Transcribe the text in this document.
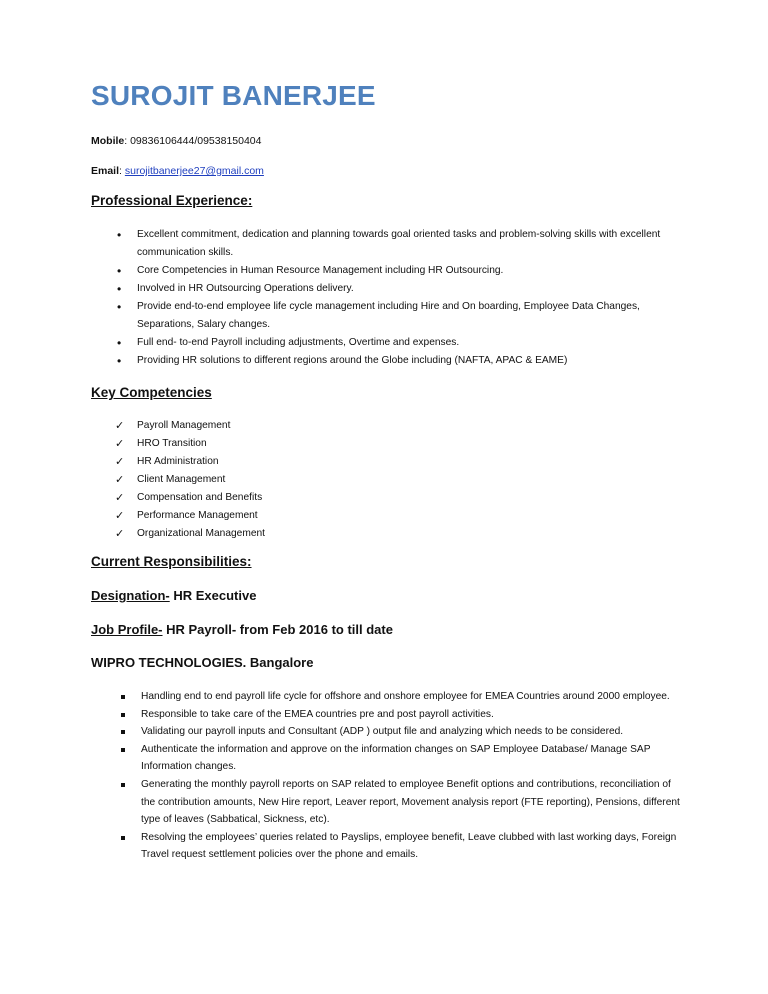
SUROJIT BANERJEE
Mobile: 09836106444/09538150404
Email: surojitbanerjee27@gmail.com
Professional Experience:
• Excellent commitment, dedication and planning towards goal oriented tasks and problem-solving skills with excellent communication skills.
• Core Competencies in Human Resource Management including HR Outsourcing.
• Involved in HR Outsourcing Operations delivery.
• Provide end-to-end employee life cycle management including Hire and On boarding, Employee Data Changes, Separations, Salary changes.
• Full end- to-end Payroll including adjustments, Overtime and expenses.
• Providing HR solutions to different regions around the Globe including (NAFTA, APAC & EAME)
Key Competencies
✓ Payroll Management
✓ HRO Transition
✓ HR Administration
✓ Client Management
✓ Compensation and Benefits
✓ Performance Management
✓ Organizational Management
Current Responsibilities:
Designation- HR Executive
Job Profile- HR Payroll- from Feb 2016 to till date
WIPRO TECHNOLOGIES. Bangalore
Handling end to end payroll life cycle for offshore and onshore employee for EMEA Countries around 2000 employee.
Responsible to take care of the EMEA countries pre and post payroll activities.
Validating our payroll inputs and Consultant (ADP ) output file and analyzing which needs to be considered.
Authenticate the information and approve on the information changes on SAP Employee Database/ Manage SAP Information changes.
Generating the monthly payroll reports on SAP related to employee Benefit options and contributions, reconciliation of the contribution amounts, New Hire report, Leaver report, Movement analysis report (FTE reporting), Pensions, different type of leaves (Sabbatical, Sickness, etc).
Resolving the employees’ queries related to Payslips, employee benefit, Leave clubbed with last working days, Foreign Travel request settlement policies over the phone and emails.
